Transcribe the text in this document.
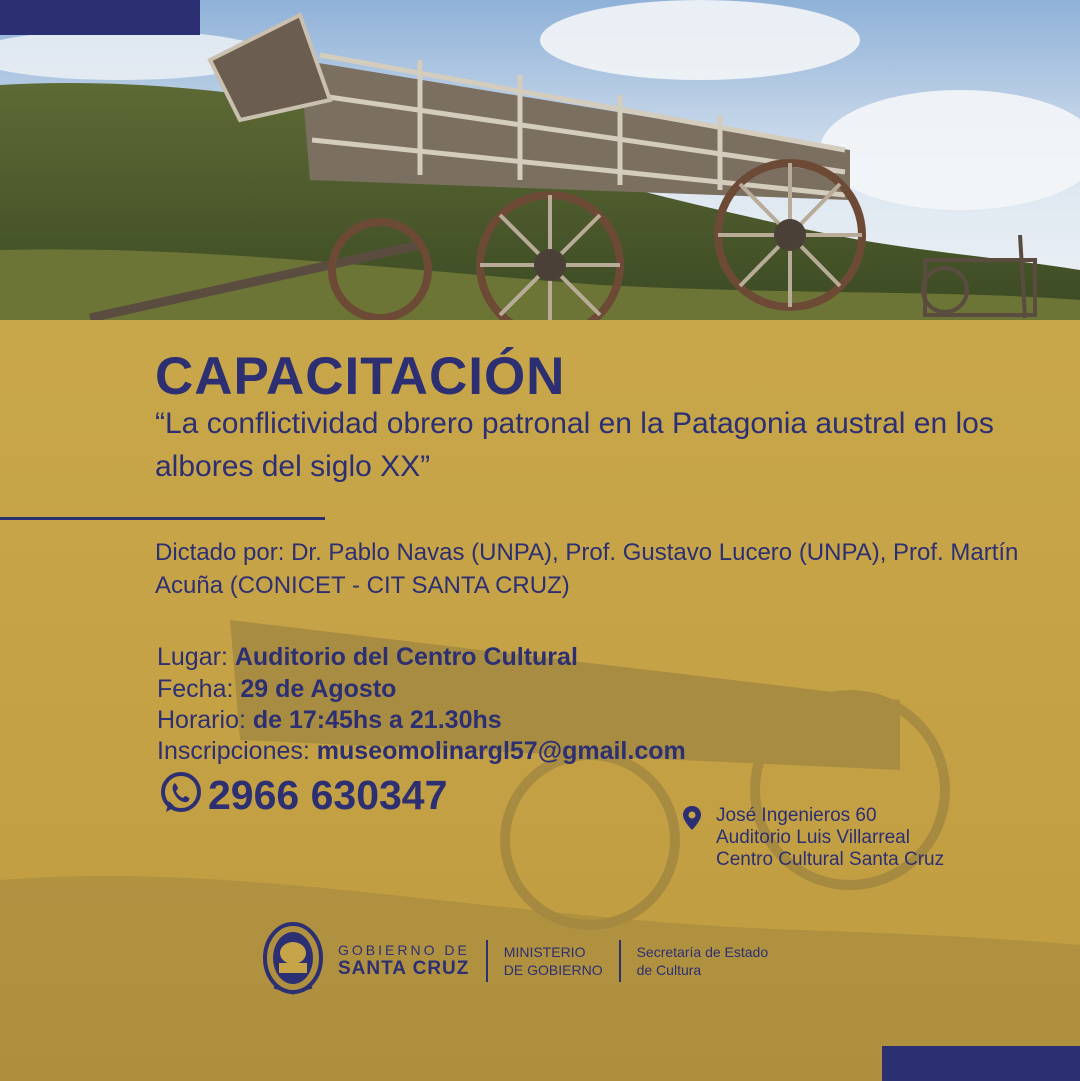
CAPACITACIÓN

“La conflictividad obrero patronal en la Patagonia austral en los albores del siglo XX”

Dictado por: Dr. Pablo Navas (UNPA), Prof. Gustavo Lucero (UNPA), Prof. Martín Acuña (CONICET - CIT SANTA CRUZ)

Lugar: Auditorio del Centro Cultural
Fecha: 29 de Agosto
Horario: de 17:45hs a 21.30hs
Inscripciones: museomolinargl57@gmail.com
2966 630347	José Ingenieros 60
Auditorio Luis Villarreal
Centro Cultural Santa Cruz
GOBIERNO DE
SANTA CRUZ
MINISTERIO
DE GOBIERNO
Secretaría de Estado
de Cultura
